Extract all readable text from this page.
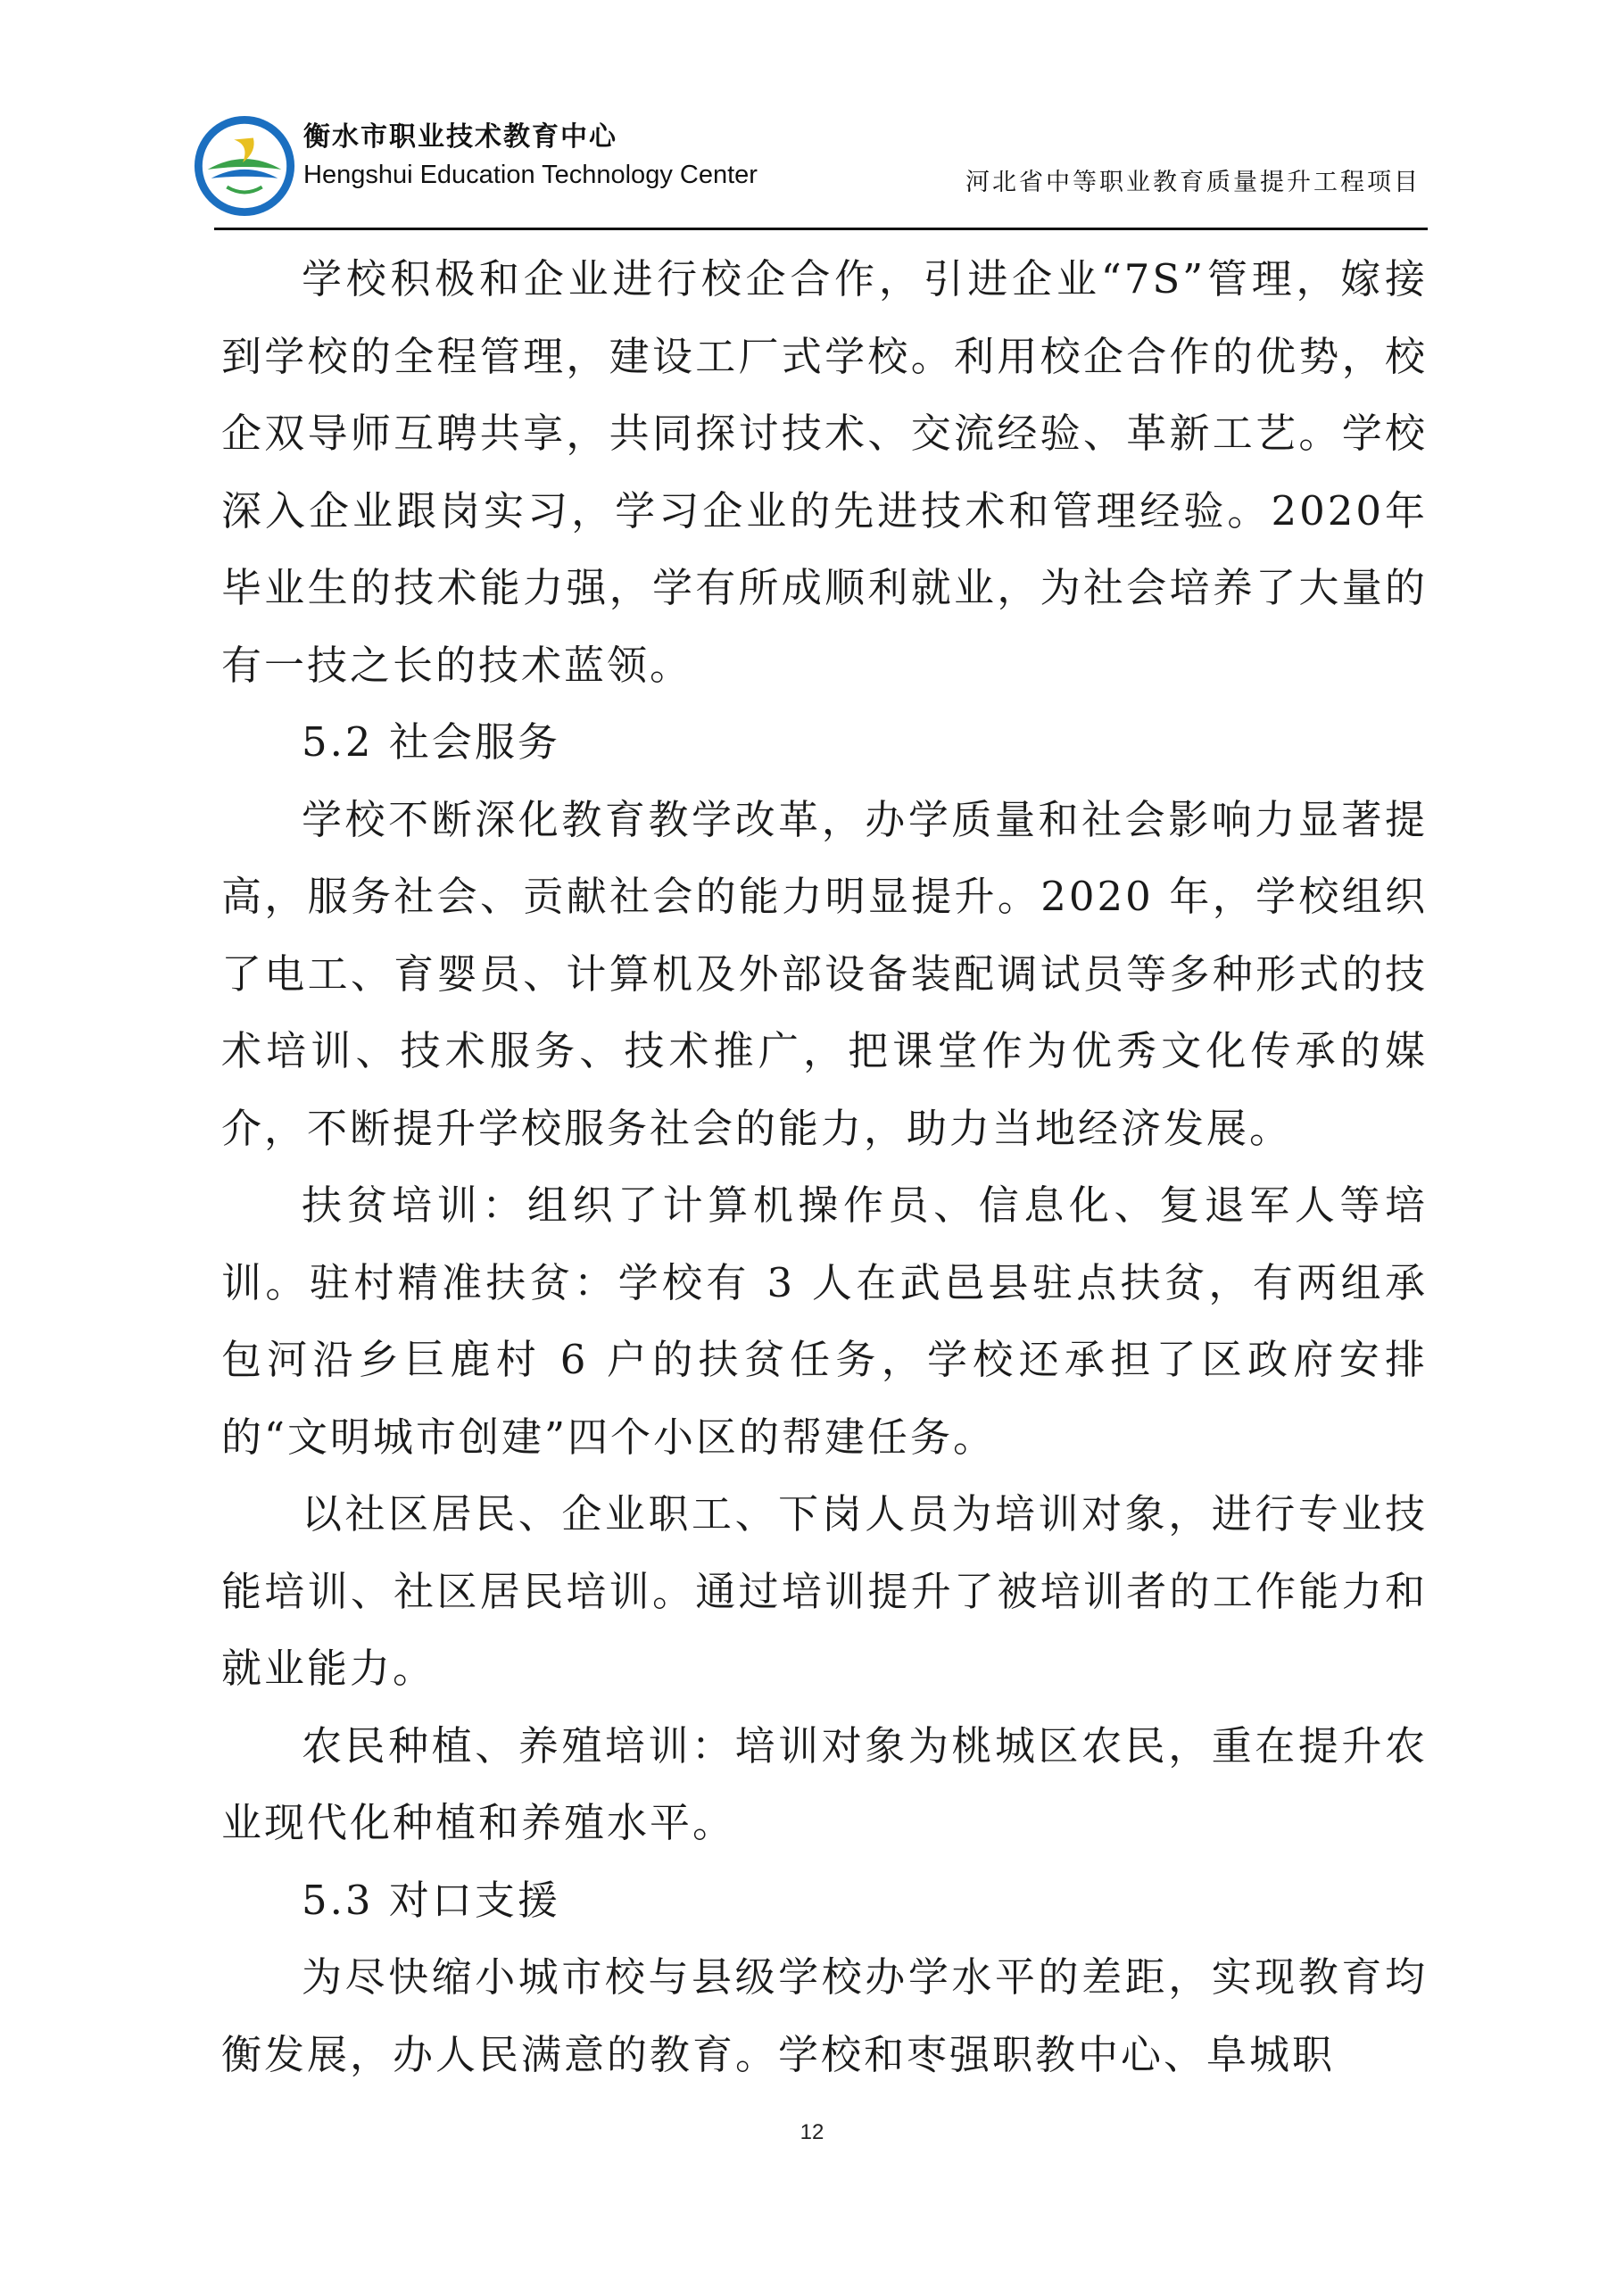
衡水市职业技术教育中心
Hengshui Education Technology Center	河北省中等职业教育质量提升工程项目

学校积极和企业进行校企合作，引进企业“7S”管理，嫁接到学校的全程管理，建设工厂式学校。利用校企合作的优势，校企双导师互聘共享，共同探讨技术、交流经验、革新工艺。学校深入企业跟岗实习，学习企业的先进技术和管理经验。2020年毕业生的技术能力强，学有所成顺利就业，为社会培养了大量的有一技之长的技术蓝领。

5.2 社会服务

学校不断深化教育教学改革，办学质量和社会影响力显著提高，服务社会、贡献社会的能力明显提升。2020 年，学校组织了电工、育婴员、计算机及外部设备装配调试员等多种形式的技术培训、技术服务、技术推广，把课堂作为优秀文化传承的媒介，不断提升学校服务社会的能力，助力当地经济发展。

扶贫培训：组织了计算机操作员、信息化、复退军人等培训。驻村精准扶贫：学校有 3 人在武邑县驻点扶贫，有两组承包河沿乡巨鹿村 6 户的扶贫任务，学校还承担了区政府安排的“文明城市创建”四个小区的帮建任务。

以社区居民、企业职工、下岗人员为培训对象，进行专业技能培训、社区居民培训。通过培训提升了被培训者的工作能力和就业能力。

农民种植、养殖培训：培训对象为桃城区农民，重在提升农业现代化种植和养殖水平。

5.3 对口支援

为尽快缩小城市校与县级学校办学水平的差距，实现教育均衡发展，办人民满意的教育。学校和枣强职教中心、阜城职

12
